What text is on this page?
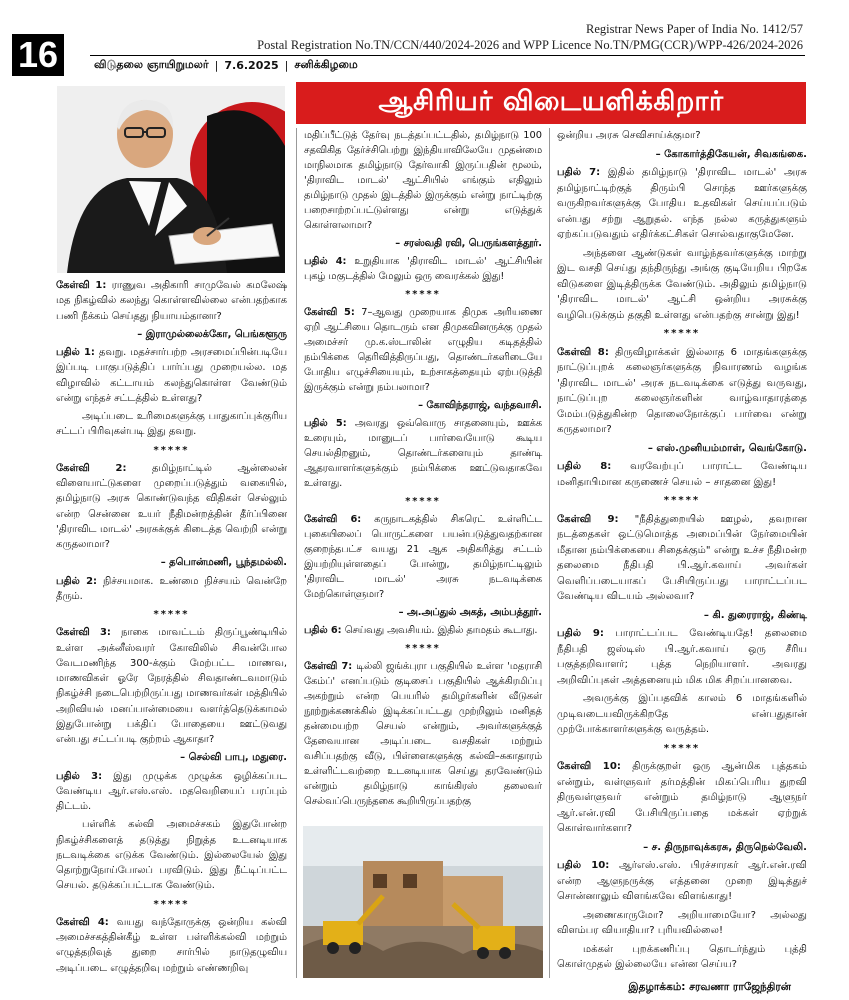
16
Registrar News Paper of India No. 1412/57
Postal Registration No.TN/CCN/440/2024-2026 and WPP Licence No.TN/PMG(CCR)/WPP-426/2024-2026
விடுதலை ஞாயிறுமலர் | 7.6.2025 | சனிக்கிழமை
ஆசிரியர் விடையளிக்கிறார்

கேள்வி 1: ராணுவ அதிகாரி சாமுவேல் கமலேஷ் மத நிகழ்வில் கலந்து கொள்ளவில்லை என்பதற்காக பணி நீக்கம் செய்தது நியாயம்தானா?

– இராமுல்லைக்கோ, பெங்களூரு

பதில் 1: தவறு. மதச்சார்பற்ற அரசமைப்பின்படியே இப்படி பாகுபடுத்திப் பார்ப்பது முறையல்ல. மத விழாவில் கட்டாயம் கலந்துகொள்ள வேண்டும் என்று எந்தச் சட்டத்தில் உள்ளது?

அடிப்படை உரிமைகளுக்கு பாதுகாப்புக்குரிய சட்டப் பிரிவுகள்படி இது தவறு.

*****

கேள்வி 2:	தமிழ்நாட்டில் ஆன்லைன் விளையாட்டுகளை முறைப்படுத்தும் வகையில், தமிழ்நாடு அரசு கொண்டுவந்த விதிகள் செல்லும் என்ற சென்னை உயர் நீதிமன்றத்தின் தீர்ப்பினை 'திராவிட மாடல்' அரசுக்குக் கிடைத்த வெற்றி என்று கருதலாமா?

– தபொன்மணி, பூந்தமல்லி.

பதில் 2: நிச்சயமாக. உண்மை நிச்சயம் வென்றே தீரும்.

*****

கேள்வி 3: நாகை மாவட்டம் திருப்பூண்டியில் உள்ள அக்னீஸ்வரர் கோவிலில் சிவன்போல வேடமணிந்த 300-க்கும் மேற்பட்ட மாணவ, மாணவிகள் ஓரே நேரத்தில் சிவதாண்டவமாடும் நிகழ்ச்சி நடைபெற்றிருப்பது மாணவர்கள் மத்தியில் அறிவியல் மனப்பான்மையை வளர்த்தெடுக்காமல் இதுபோன்று பக்திப் போதையை ஊட்டுவது என்பது சட்டப்படி குற்றம் ஆகாதா?

– செல்வி பாபு, மதுரை.

பதில் 3: இது முழுக்க முழுக்க ஒழிக்கப்பட வேண்டிய ஆர்.எஸ்.எஸ். மதவெறியைப் பரப்பும் திட்டம்.

பள்ளிக் கல்வி அமைச்சகம் இதுபோன்ற நிகழ்ச்சிகளைத் தடுத்து நிறுத்த உடனடியாக நடவடிக்கை எடுக்க வேண்டும். இல்லையேல் இது தொற்றுநோய்போலப் பரவிடும். இது நீட்டிப்பட்ட செயல். தடுக்கப்பட்டாக வேண்டும்.

*****

கேள்வி 4: வயது வந்தோருக்கு ஒன்றிய கல்வி அமைச்சகத்தின்கீழ் உள்ள பள்ளிக்கல்வி மற்றும் எழுத்தறிவுத் துறை சார்பில் நாடுதழுவிய அடிப்படை எழுத்தறிவு மற்றும் எண்ணறிவு

மதிப்பீட்டுத் தேர்வு நடத்தப்பட்டதில், தமிழ்நாடு 100 சதவிகித தேர்ச்சிபெற்று இந்தியாவிலேயே முதன்மை மாநிலமாக தமிழ்நாடு தேர்வாகி இருப்பதின் மூலம், 'திராவிட மாடல்' ஆட்சியில் எங்கும் எதிலும் தமிழ்நாடு முதல் இடத்தில் இருக்கும் என்று நாட்டிற்கு பறைசாற்றப்பட்டுள்ளது என்று எடுத்துக் கொள்ளலாமா?

– சரஸ்வதி ரவி, பெருங்களத்தூர்.

பதில் 4: உறுதியாக 'திராவிட மாடல்' ஆட்சியின் புகழ் மகுடத்தில் மேலும் ஒரு வைரக்கல் இது!

*****

கேள்வி 5: 7–ஆவது முறையாக திமுக அரியணை ஏறி ஆட்சியை தொடரும் என திமுகவினருக்கு முதல் அமைச்சர் மு.க.ஸ்டாலின் எழுதிய கடிதத்தில் நம்பிக்கை தெரிவித்திருப்பது, தொண்டர்களிடையே போதிய எழுச்சியையும், உற்சாகத்தையும் ஏற்படுத்தி இருக்கும் என்று நம்பலாமா?

– கோவிந்தராஜ், வந்தவாசி.

பதில் 5: அவரது ஒவ்வொரு சாதனையும், ஊக்க உரையும், மானுடப் பார்வையோடு கூடிய செயல்திறனும், தொண்டர்களையும் தாண்டி ஆதரவாளர்களுக்கும் நம்பிக்கை ஊட்டுவதாகவே உள்ளது.

*****

கேள்வி 6: கருநாடகத்தில் சிகரெட் உள்ளிட்ட புகையிலைப் பொருட்களை பயன்படுத்துவதற்கான குறைந்தபட்ச வயது 21 ஆக அதிகரித்து சட்டம் இயற்றியுள்ளதைப் போன்று, தமிழ்நாட்டிலும் 'திராவிட மாடல்' அரசு நடவடிக்கை மேற்கொள்ளுமா?

– அ.அப்துல் அகத், அம்பத்தூர்.

பதில் 6: செய்வது அவசியம். இதில் தாமதம் கூடாது.

*****

கேள்வி 7: டில்லி ஜங்க்புரா பகுதியில் உள்ள 'மதராசி கேம்ப்' எனப்படும் குடிசைப் பகுதியில் ஆக்கிரமிப்பு அகற்றும் என்ற பெயரில் தமிழர்களின் வீடுகள் நூற்றுக்கணக்கில் இடிக்கப்பட்டது முற்றிலும் மனிதத் தன்மையற்ற செயல் என்றும், அவர்களுக்குத் தேவையான அடிப்படை வசதிகள் மற்றும் வசிப்பதற்கு வீடு, பிள்ளைகளுக்கு கல்வி–சுகாதாரம் உள்ளிட்டவற்றை உடனடியாக செய்து தரவேண்டும் என்றும் தமிழ்நாடு காங்கிரஸ் தலைவர் செல்வப்பெருந்தகை கூறியிருப்பதற்கு

ஒன்றிய அரசு செவிசாய்க்குமா?

– கோகார்த்திகேயன், சிவகங்கை.

பதில் 7: இதில் தமிழ்நாடு 'திராவிட மாடல்' அரசு தமிழ்நாட்டிற்குத் திரும்பி சொந்த ஊர்களுக்கு வருகிறவர்களுக்கு போதிய உதவிகள் செய்யப்படும் என்பது சற்று ஆறுதல். எந்த நல்ல கருத்துகளும் ஏற்கப்படுவதும் எதிர்க்கட்சிகள் சொல்வதாகுமேனே.

அந்தளை ஆண்டுகள் வாழ்ந்தவர்களுக்கு மாற்று இட வசதி செய்து தந்திருந்து அங்கு குடியேறிய பிறகே விடுகளை இடித்திருக்க வேண்டும். அதிலும் தமிழ்நாடு 'திராவிட மாடல்' ஆட்சி ஒன்றிய அரசுக்கு வழிபெடுக்கும் தகுதி உள்ளது என்பதற்கு சான்று இது!

*****

கேள்வி 8: திருவிழாக்கள் இல்லாத 6 மாதங்களுக்கு நாட்டுப்புறக் கலைஞர்களுக்கு நிவாரணம் வழங்க 'திராவிட மாடல்' அரசு நடவடிக்கை எடுத்து வருவது, நாட்டுப்புற கலைஞர்களின் வாழ்வாதாரத்தை மேம்படுத்துகின்ற தொலைநோக்குப் பார்வை என்று கருதலாமா?

– எஸ்.முனியம்மாள், வெங்கோடு.

பதில் 8: வரவேற்புப் பாராட்ட வேண்டிய மனிதாபிமான கருணைச் செயல் – சாதனை இது!

*****

கேள்வி 9: "நீதித்துறையில் ஊழல், தவறான நடத்தைகள் ஒட்டுமொத்த அமைப்பின் நேர்மையின் மீதான நம்பிக்கையை சிதைக்கும்" என்று உச்ச நீதிமன்ற தலைமை நீதிபதி பி.ஆர்.கவாய் அவர்கள் வெளிப்படையாகப் பேசியிருப்பது பாராட்டப்பட வேண்டிய விடயம் அல்லவா?

– கி. துரைராஜ், கிண்டி

பதில் 9: பாராட்டப்பட வேண்டியதே! தலைமை நீதிபதி ஜஸ்டிஸ் பி.ஆர்.கவாய் ஒரு சீரிய பகுத்தறிவாளர்; புத்த நெறியாளர். அவரது அறிவிப்புகள் அத்தனையும் மிக மிக சிறப்பானவை.

அவருக்கு இப்பதவிக் காலம் 6 மாதங்களில் முடிவடையவிருக்கிறதே என்பதுதான் முற்போக்காளர்களுக்கு வருத்தம்.

*****

கேள்வி 10: திருக்குறள் ஒரு ஆன்மிக புத்தகம் என்றும், வள்ளுவர் தர்மத்தின் மிகப்பெரிய துறவி திருவள்ளுவர் என்றும் தமிழ்நாடு ஆளுநர் ஆர்.என்.ரவி பேசியிருப்பதை மக்கள் ஏற்றுக் கொள்வார்களா?

– ச. திருநாவுக்கரசு, திருநெல்வேலி.

பதில் 10: ஆர்எஸ்.எஸ். பிரச்சாரகர் ஆர்.என்.ரவி என்ற ஆளுநருக்கு எத்தனை முறை இடித்துச் சொன்னாலும் விளங்கவே விளங்காது!

அணைகாருமோ? அறியாமையோ? அல்லது விளம்பர வியாதியா? புரியவில்லை!

மக்கள் புறக்கணிப்பு தொடர்ந்தும் புத்தி கொள்முதல் இல்லையே என்ன செய்ய?

இதழாக்கம்: சரவணா ராஜேந்திரன்
